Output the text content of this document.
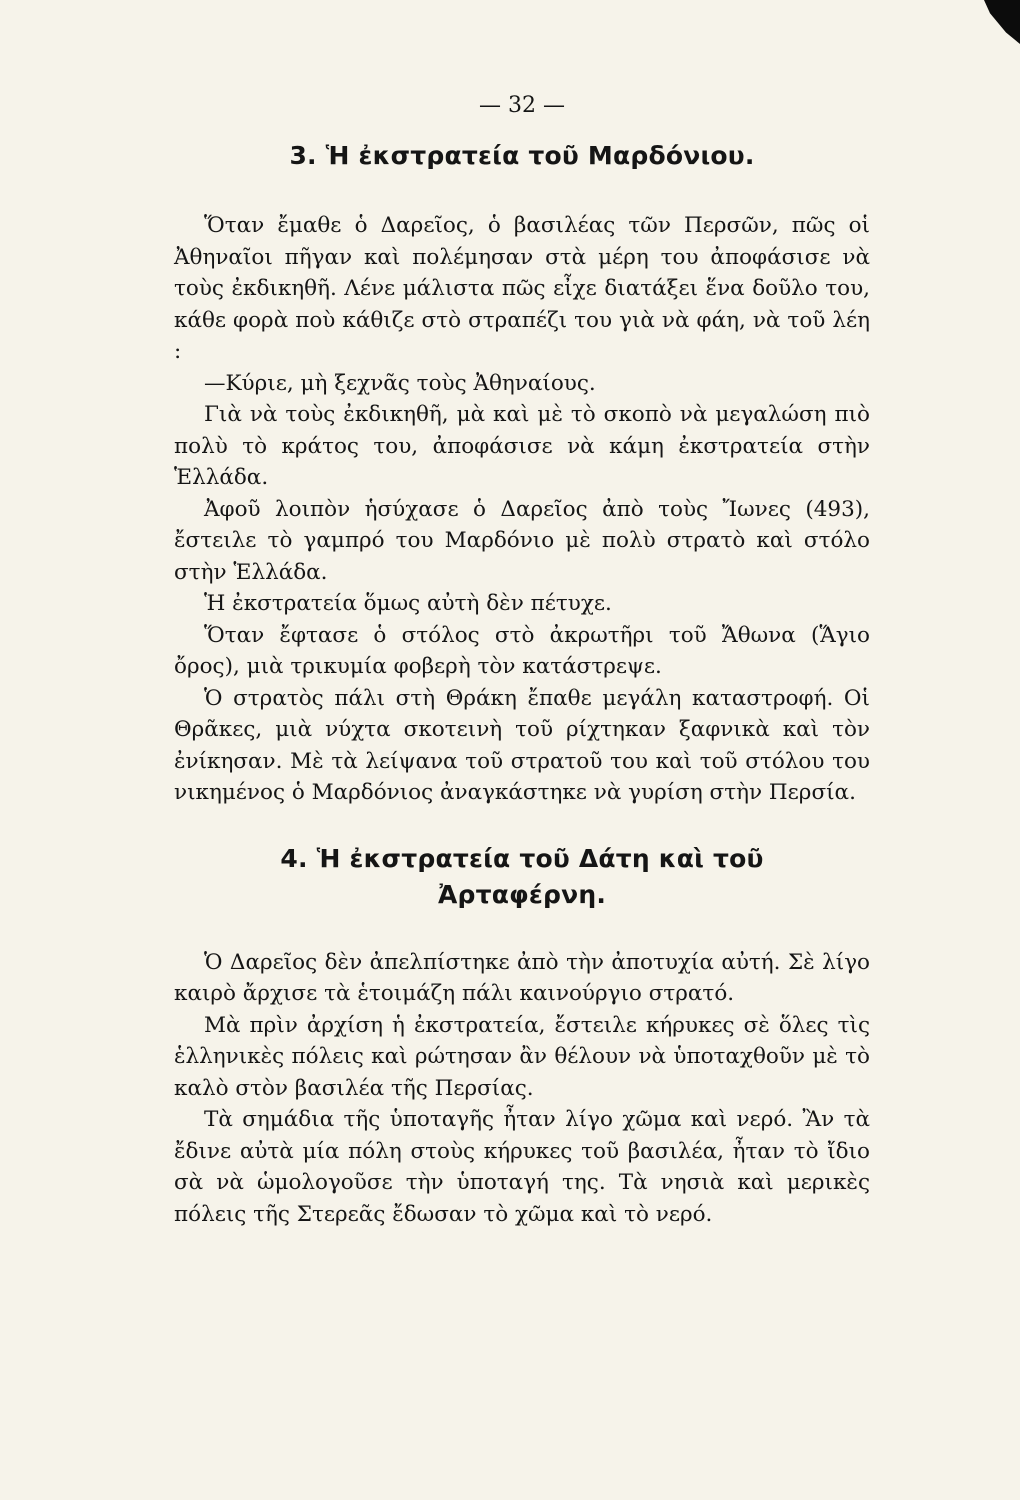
— 32 —
3. Ἡ ἐκστρατεία τοῦ Μαρδόνιου.

Ὅταν ἔμαθε ὁ Δαρεῖος, ὁ βασιλέας τῶν Περσῶν, πῶς οἱ Ἀθηναῖοι πῆγαν καὶ πολέμησαν στὰ μέρη του ἀποφάσισε νὰ τοὺς ἐκδικηθῆ. Λένε μάλιστα πῶς εἶχε διατάξει ἕνα δοῦλο του, κάθε φορὰ ποὺ κάθιζε στὸ στραπέζι του γιὰ νὰ φάη, νὰ τοῦ λέη :

—Κύριε, μὴ ξεχνᾶς τοὺς Ἀθηναίους.

Γιὰ νὰ τοὺς ἐκδικηθῆ, μὰ καὶ μὲ τὸ σκοπὸ νὰ μεγαλώση πιὸ πολὺ τὸ κράτος του, ἀποφάσισε νὰ κάμη ἐκστρατεία στὴν Ἑλλάδα.

Ἀφοῦ λοιπὸν ἡσύχασε ὁ Δαρεῖος ἀπὸ τοὺς Ἴωνες (493), ἔστειλε τὸ γαμπρό του Μαρδόνιο μὲ πολὺ στρατὸ καὶ στόλο στὴν Ἑλλάδα.

Ἡ ἐκστρατεία ὅμως αὐτὴ δὲν πέτυχε.

Ὅταν ἔφτασε ὁ στόλος στὸ ἀκρωτῆρι τοῦ Ἄθωνα (Ἅγιο ὄρος), μιὰ τρικυμία φοβερὴ τὸν κατάστρεψε.

Ὁ στρατὸς πάλι στὴ Θράκη ἔπαθε μεγάλη καταστροφή. Οἱ Θρᾶκες, μιὰ νύχτα σκοτεινὴ τοῦ ρίχτηκαν ξαφνικὰ καὶ τὸν ἐνίκησαν. Μὲ τὰ λείψανα τοῦ στρατοῦ του καὶ τοῦ στόλου του νικημένος ὁ Μαρδόνιος ἀναγκάστηκε νὰ γυρίση στὴν Περσία.

4. Ἡ ἐκστρατεία τοῦ Δάτη καὶ τοῦ
Ἀρταφέρνη.

Ὁ Δαρεῖος δὲν ἀπελπίστηκε ἀπὸ τὴν ἀποτυχία αὐτή. Σὲ λίγο καιρὸ ἄρχισε τὰ ἑτοιμάζη πάλι καινούργιο στρατό.

Μὰ πρὶν ἀρχίση ἡ ἐκστρατεία, ἔστειλε κήρυκες σὲ ὅλες τὶς ἑλληνικὲς πόλεις καὶ ρώτησαν ἂν θέλουν νὰ ὑποταχθοῦν μὲ τὸ καλὸ στὸν βασιλέα τῆς Περσίας.

Τὰ σημάδια τῆς ὑποταγῆς ἦταν λίγο χῶμα καὶ νερό. Ἂν τὰ ἔδινε αὐτὰ μία πόλη στοὺς κήρυκες τοῦ βασιλέα, ἦταν τὸ ἴδιο σὰ νὰ ὡμολογοῦσε τὴν ὑποταγή της. Τὰ νησιὰ καὶ μερικὲς πόλεις τῆς Στερεᾶς ἔδωσαν τὸ χῶμα καὶ τὸ νερό.
